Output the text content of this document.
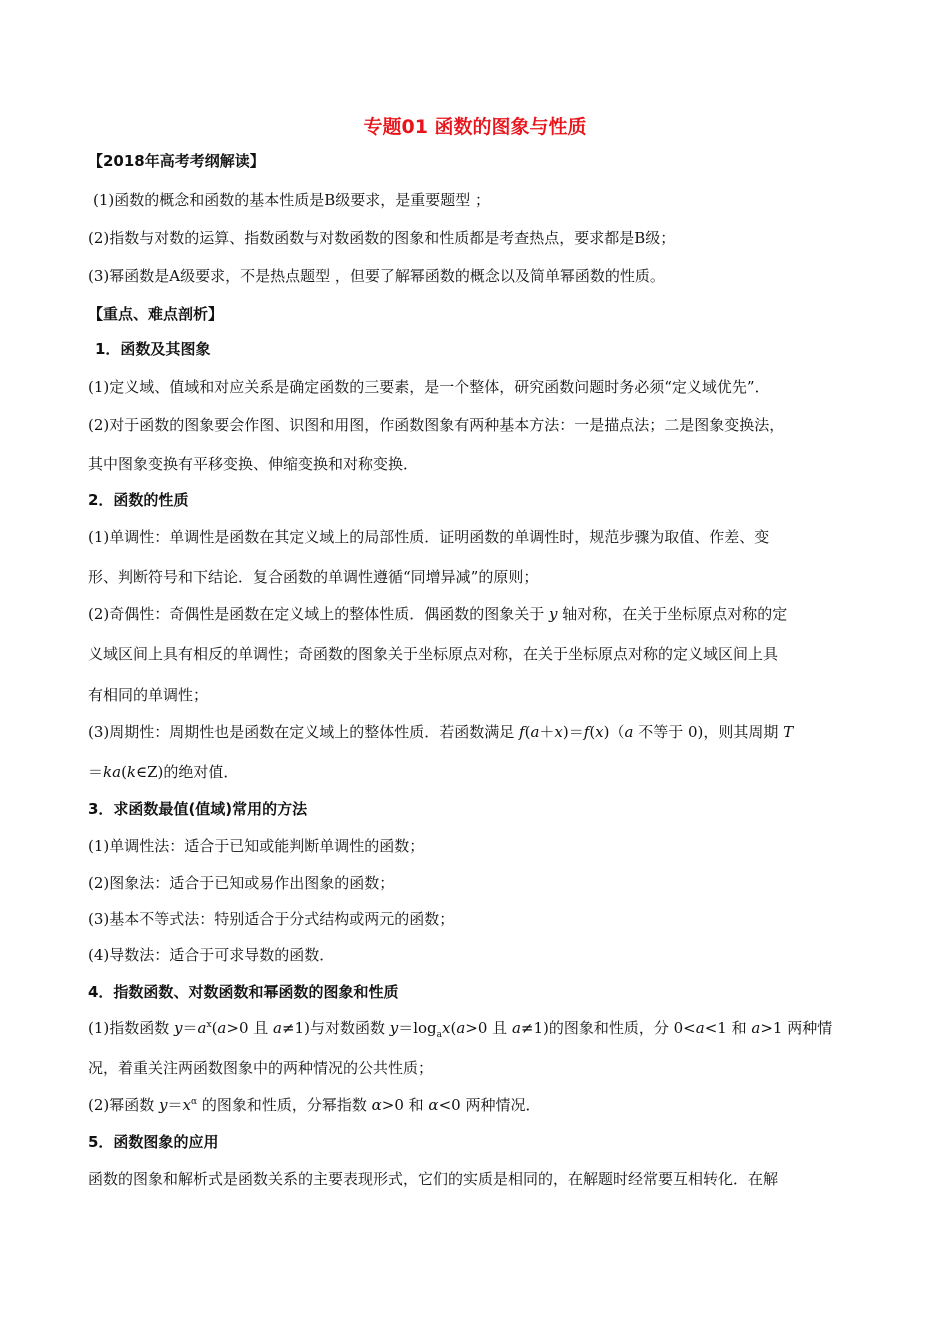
专题01 函数的图象与性质
【2018年高考考纲解读】
(1)函数的概念和函数的基本性质是B级要求，是重要题型 ；
(2)指数与对数的运算、指数函数与对数函数的图象和性质都是考查热点，要求都是B级；
(3)幂函数是A级要求，不是热点题型 ，但要了解幂函数的概念以及简单幂函数的性质。
【重点、难点剖析】
1．函数及其图象
(1)定义域、值域和对应关系是确定函数的三要素，是一个整体，研究函数问题时务必须“定义域优先”．
(2)对于函数的图象要会作图、识图和用图，作函数图象有两种基本方法：一是描点法；二是图象变换法，
其中图象变换有平移变换、伸缩变换和对称变换．
2．函数的性质
(1)单调性：单调性是函数在其定义域上的局部性质．证明函数的单调性时，规范步骤为取值、作差、变
形、判断符号和下结论．复合函数的单调性遵循“同增异减”的原则；
(2)奇偶性：奇偶性是函数在定义域上的整体性质．偶函数的图象关于 y 轴对称，在关于坐标原点对称的定
义域区间上具有相反的单调性；奇函数的图象关于坐标原点对称，在关于坐标原点对称的定义域区间上具
有相同的单调性；
(3)周期性：周期性也是函数在定义域上的整体性质．若函数满足 f(a＋x)＝f(x)（a 不等于 0)，则其周期 T
＝ka(k∈Z)的绝对值．
3．求函数最值(值域)常用的方法
(1)单调性法：适合于已知或能判断单调性的函数；
(2)图象法：适合于已知或易作出图象的函数；
(3)基本不等式法：特别适合于分式结构或两元的函数；
(4)导数法：适合于可求导数的函数．
4．指数函数、对数函数和幂函数的图象和性质
(1)指数函数 $y=a^x(a>0$ 且 a≠1)与对数函数 $y=\log_ax(a>0$ 且 a≠1)的图象和性质，分 0<a<1 和 a>1 两种情
况，着重关注两函数图象中的两种情况的公共性质；
(2)幂函数 $y=x^\alpha$ 的图象和性质，分幂指数 α>0 和 α<0 两种情况．
5．函数图象的应用
函数的图象和解析式是函数关系的主要表现形式，它们的实质是相同的，在解题时经常要互相转化．在解
